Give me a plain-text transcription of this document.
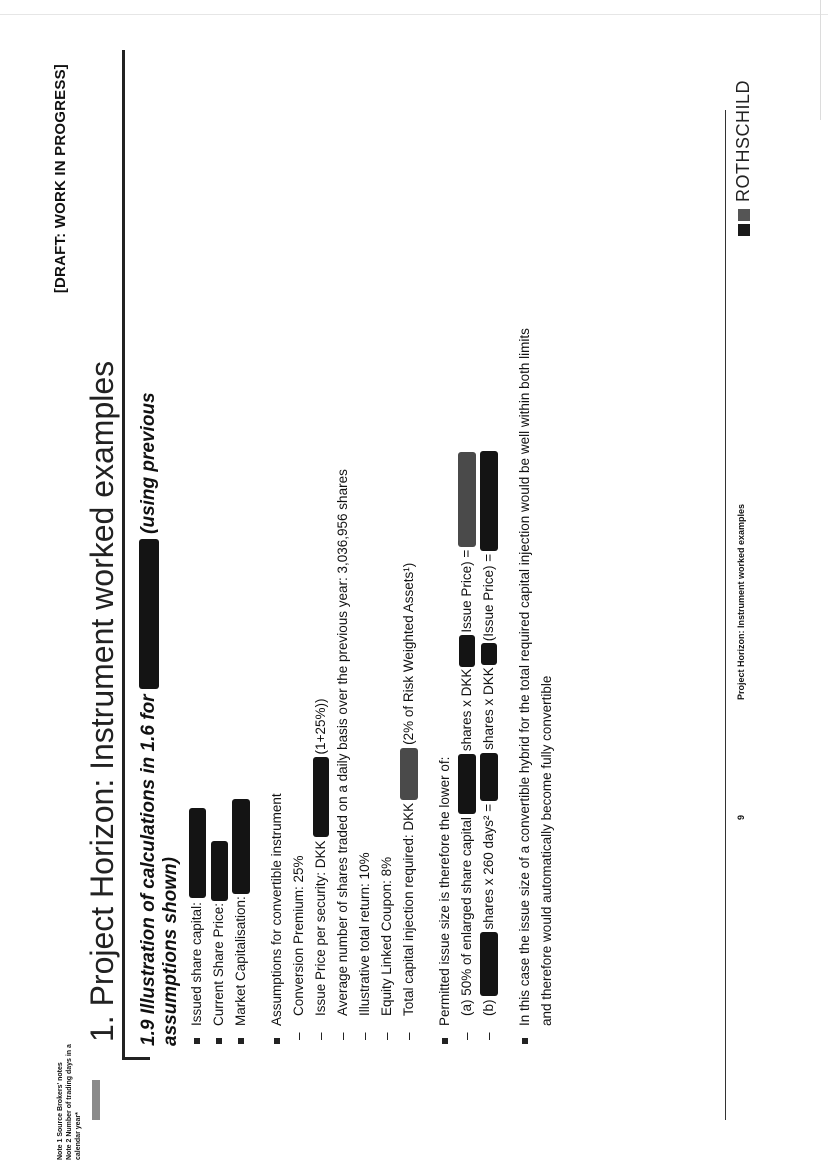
[DRAFT: WORK IN PROGRESS]
Note 1 Source Brokers' notes Note 2 Number of trading days in a calendar year*
1. Project Horizon: Instrument worked examples 1.9 Illustration of calculations in 1.6 for  (using previous
assumptions shown) Issued share capital: Current Share Price: Market Capitalisation: Assumptions for convertible instrument
–
Conversion Premium: 25%
–
Issue Price per security: DKK
(1+25%))
–
Average number of shares traded on a daily basis over the previous year: 3,036,956 shares
–
Illustrative total return: 10%
–
Equity Linked Coupon: 8%
–
Total capital injection required: DKK
(2% of Risk Weighted Assets¹)
Permitted issue size is therefore the lower of:
–
(a) 50% of enlarged share capital
shares x DKK
Issue Price) =
–
(b)
shares x 260 days² =
shares x DKK
(Issue Price) = In this case the issue size of a convertible hybrid for the total required capital injection would be well within both limits and therefore would automatically become fully convertible	9
Project Horizon: Instrument worked examples
ROTHSCHILD
